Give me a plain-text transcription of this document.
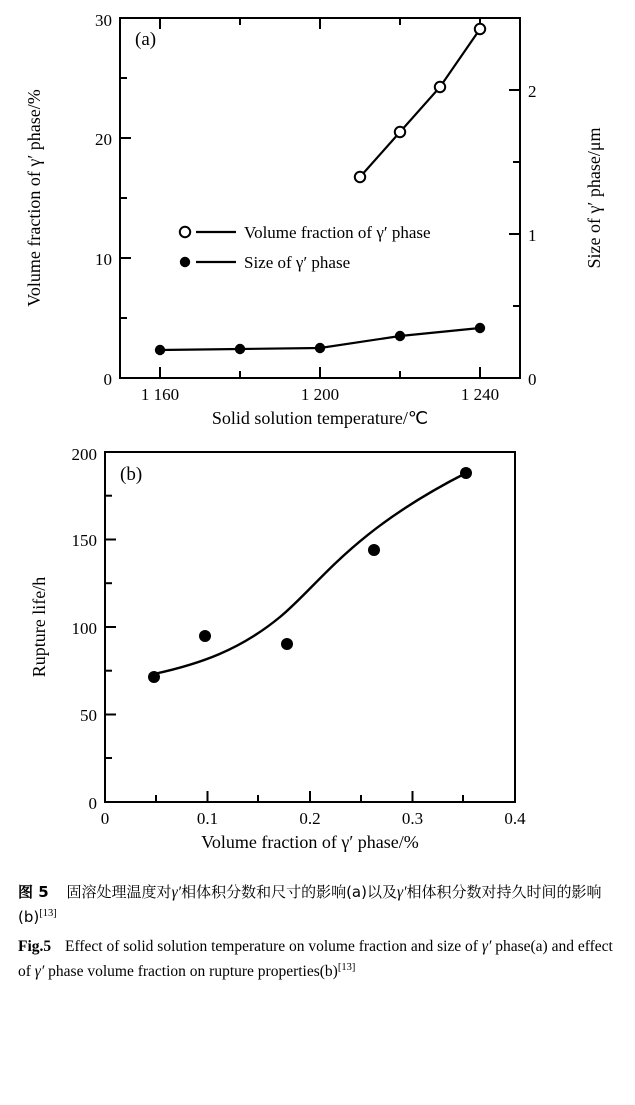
(a)
0
10
20
30
0
1
2
1 160	1 200	1 240
Solid solution temperature/℃
Volume fraction of γ′ phase/%	Size of γ′ phase/μm
Volume fraction of γ′ phase
Size of γ′ phase
(b)
0
50
100
150
200
0	0.1	0.2	0.3	0.4
Volume fraction of γ′ phase/%
Rupture life/h
图 5 固溶处理温度对γ′相体积分数和尺寸的影响(a)以及γ′相体积分数对持久时间的影响(b)[13]
Fig.5 Effect of solid solution temperature on volume fraction and size of γ′ phase(a) and effect of γ′ phase volume fraction on rupture properties(b)[13]
